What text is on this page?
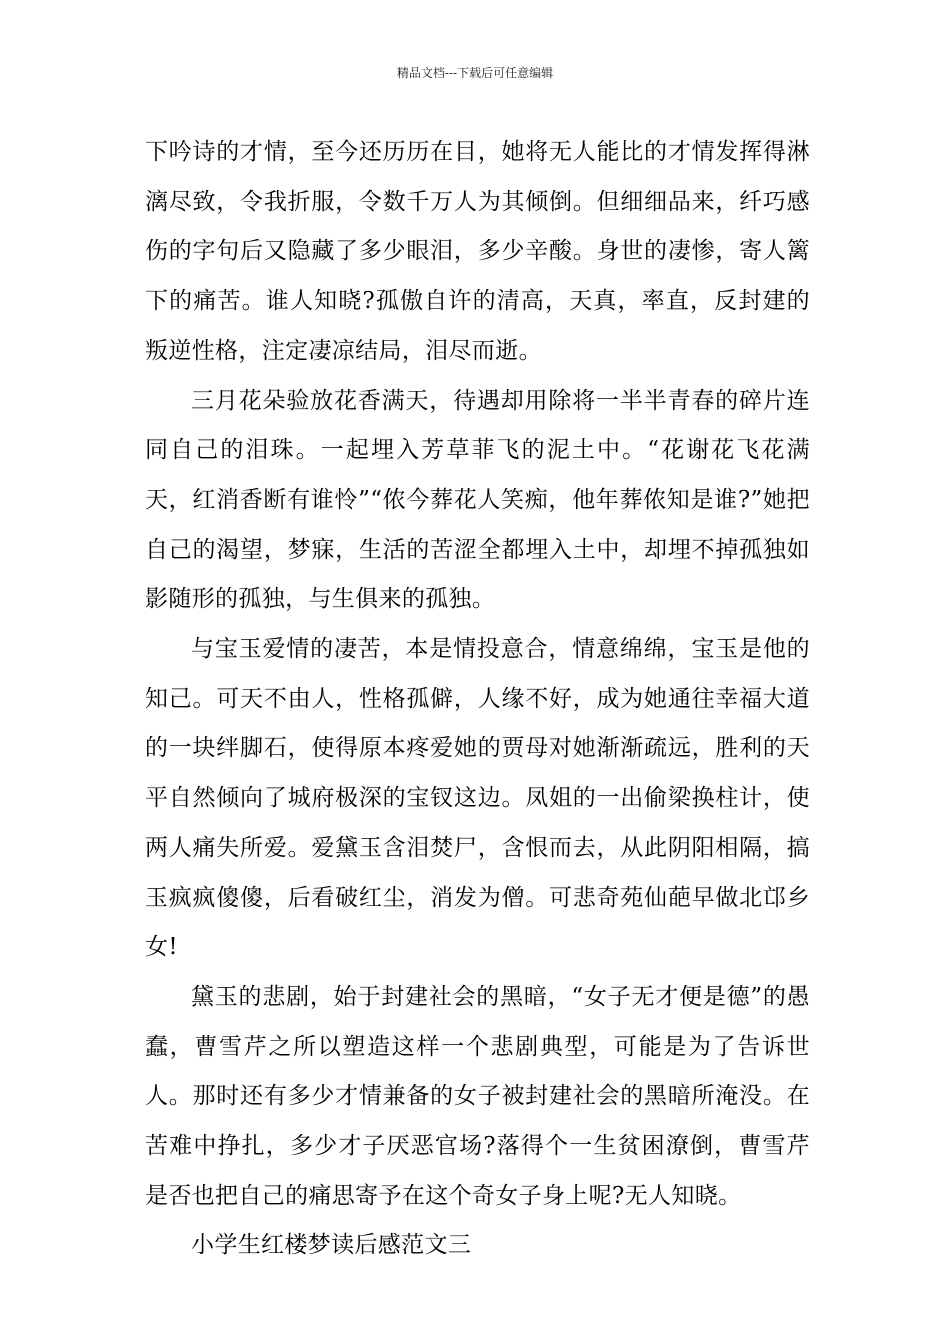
精品文档---下载后可任意编辑

下吟诗的才情，至今还历历在目，她将无人能比的才情发挥得淋漓尽致，令我折服，令数千万人为其倾倒。但细细品来，纤巧感伤的字句后又隐藏了多少眼泪，多少辛酸。身世的凄惨，寄人篱下的痛苦。谁人知晓?孤傲自许的清高，天真，率直，反封建的叛逆性格，注定凄凉结局，泪尽而逝。

三月花朵验放花香满天，待遇却用除将一半半青春的碎片连同自己的泪珠。一起埋入芳草菲飞的泥土中。“花谢花飞花满天，红消香断有谁怜”“侬今葬花人笑痴，他年葬侬知是谁?”她把自己的渴望，梦寐，生活的苦涩全都埋入土中，却埋不掉孤独如影随形的孤独，与生俱来的孤独。

与宝玉爱情的凄苦，本是情投意合，情意绵绵，宝玉是他的知己。可天不由人，性格孤僻，人缘不好，成为她通往幸福大道的一块绊脚石，使得原本疼爱她的贾母对她渐渐疏远，胜利的天平自然倾向了城府极深的宝钗这边。凤姐的一出偷梁换柱计，使两人痛失所爱。爱黛玉含泪焚尸，含恨而去，从此阴阳相隔，搞玉疯疯傻傻，后看破红尘，消发为僧。可悲奇苑仙葩早做北邙乡女!

黛玉的悲剧，始于封建社会的黑暗，“女子无才便是德”的愚蠢，曹雪芹之所以塑造这样一个悲剧典型，可能是为了告诉世人。那时还有多少才情兼备的女子被封建社会的黑暗所淹没。在苦难中挣扎，多少才子厌恶官场?落得个一生贫困潦倒，曹雪芹是否也把自己的痛思寄予在这个奇女子身上呢?无人知晓。

小学生红楼梦读后感范文三
